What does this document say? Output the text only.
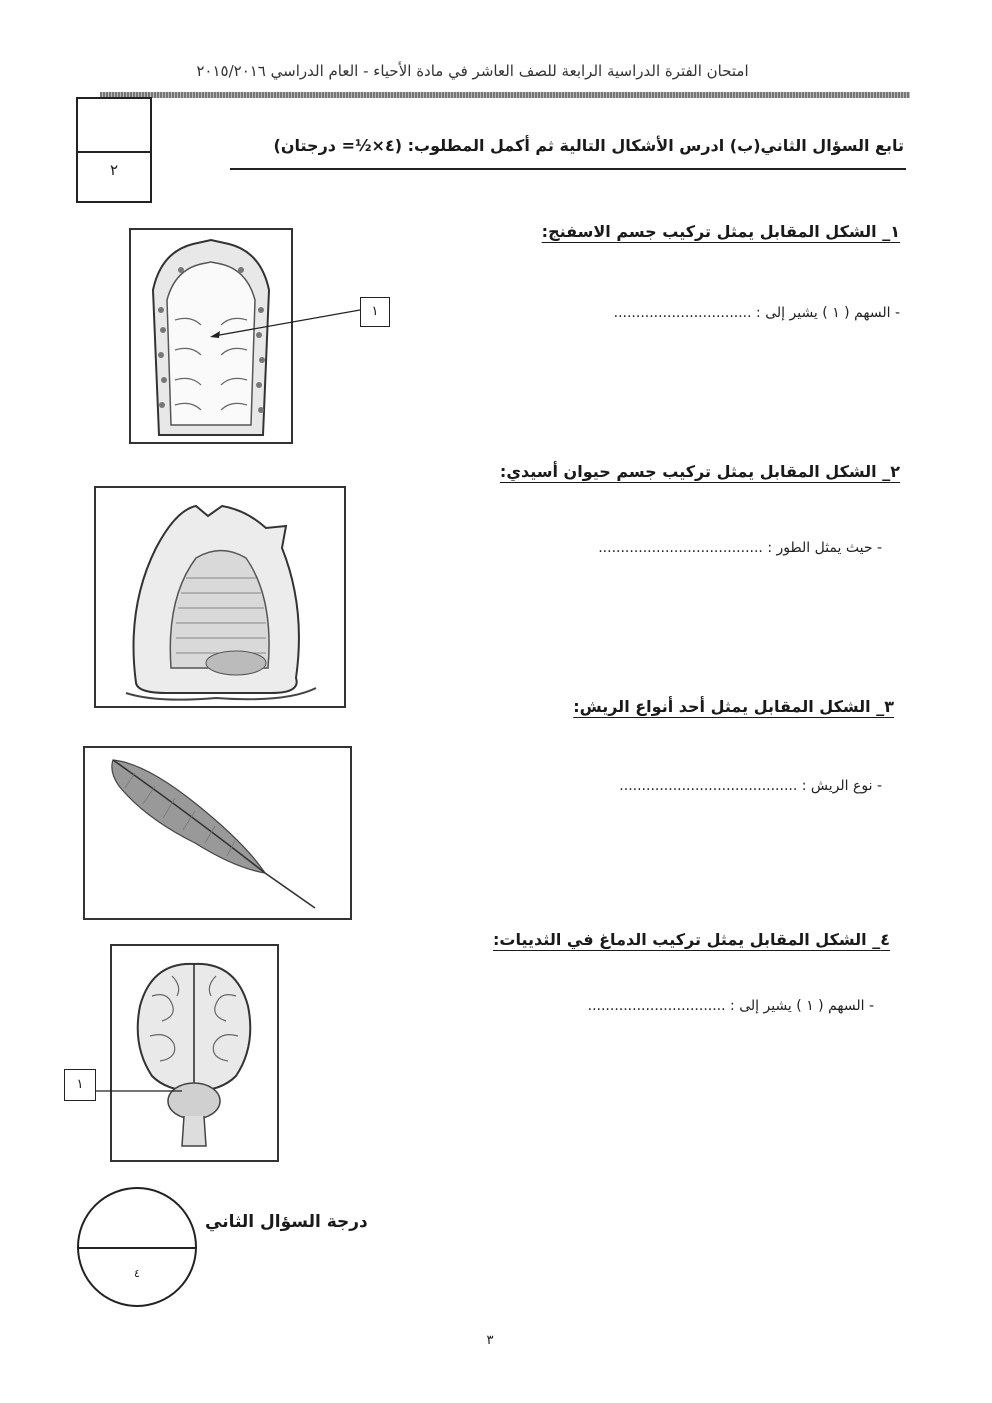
امتحان الفترة الدراسية الرابعة للصف العاشر في مادة الأحياء - العام الدراسي ٢٠١٥/٢٠١٦
٢
تابع السؤال الثاني(ب) ادرس الأشكال التالية ثم أكمل المطلوب: (٤×½= درجتان)
١_ الشكل المقابل يمثل تركيب جسم الاسفنج:
- السهم ( ١ ) يشير إلى : ...............................
١
٢_ الشكل المقابل يمثل تركيب جسم حيوان أسيدي:
- حيث يمثل الطور : .....................................
٣_ الشكل المقابل يمثل أحد أنواع الريش:
- نوع الريش : ........................................
٤_ الشكل المقابل يمثل تركيب الدماغ في الثدييات:
- السهم ( ١ ) يشير إلى : ...............................
١
٤
درجة السؤال الثاني
٣
